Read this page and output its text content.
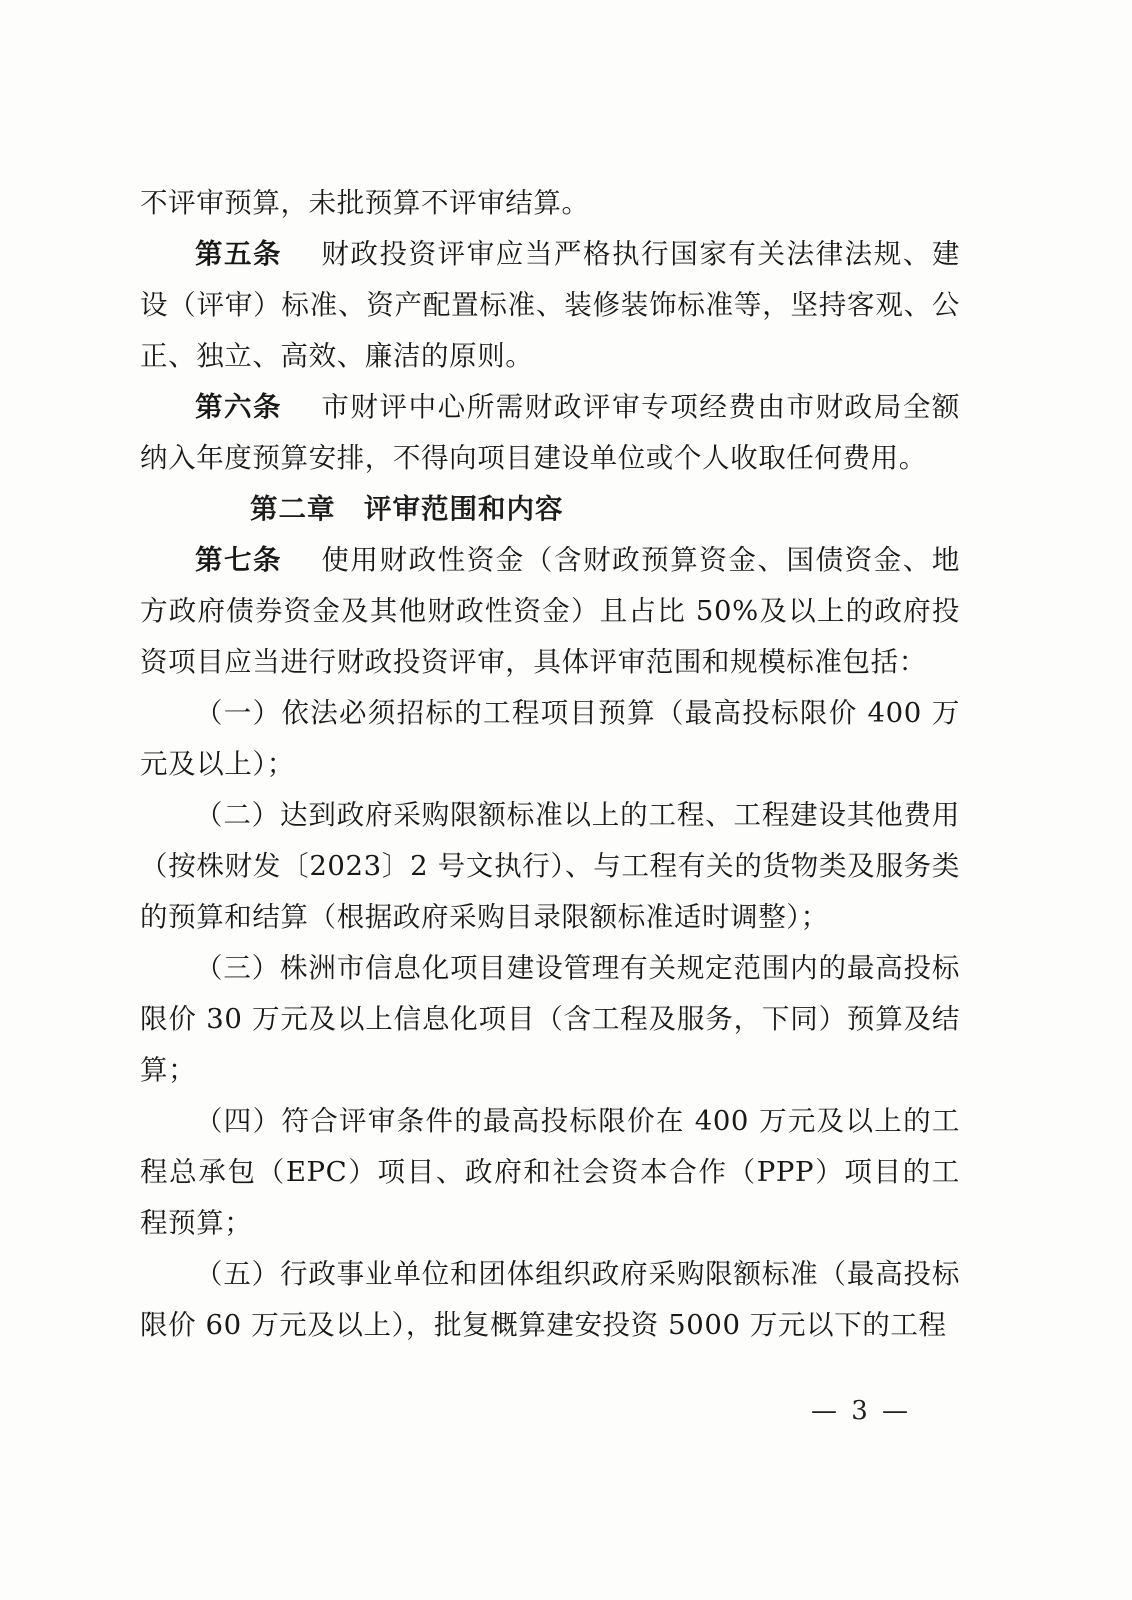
不评审预算，未批预算不评审结算。

第五条 　 财政投资评审应当严格执行国家有关法律法规、建设（评审）标准、资产配置标准、装修装饰标准等，坚持客观、公正、独立、高效、廉洁的原则。

第六条 　 市财评中心所需财政评审专项经费由市财政局全额纳入年度预算安排，不得向项目建设单位或个人收取任何费用。

第二章　评审范围和内容

第七条 　 使用财政性资金（含财政预算资金、国债资金、地方政府债券资金及其他财政性资金）且占比 50%及以上的政府投资项目应当进行财政投资评审，具体评审范围和规模标准包括：

（一）依法必须招标的工程项目预算（最高投标限价 400 万元及以上）；

（二）达到政府采购限额标准以上的工程、工程建设其他费用（按株财发〔2023〕2 号文执行）、与工程有关的货物类及服务类的预算和结算（根据政府采购目录限额标准适时调整）；

（三）株洲市信息化项目建设管理有关规定范围内的最高投标限价 30 万元及以上信息化项目（含工程及服务，下同）预算及结算；

（四）符合评审条件的最高投标限价在 400 万元及以上的工程总承包（EPC）项目、政府和社会资本合作（PPP）项目的工程预算；

（五）行政事业单位和团体组织政府采购限额标准（最高投标限价 60 万元及以上），批复概算建安投资 5000 万元以下的工程

— 3 —
